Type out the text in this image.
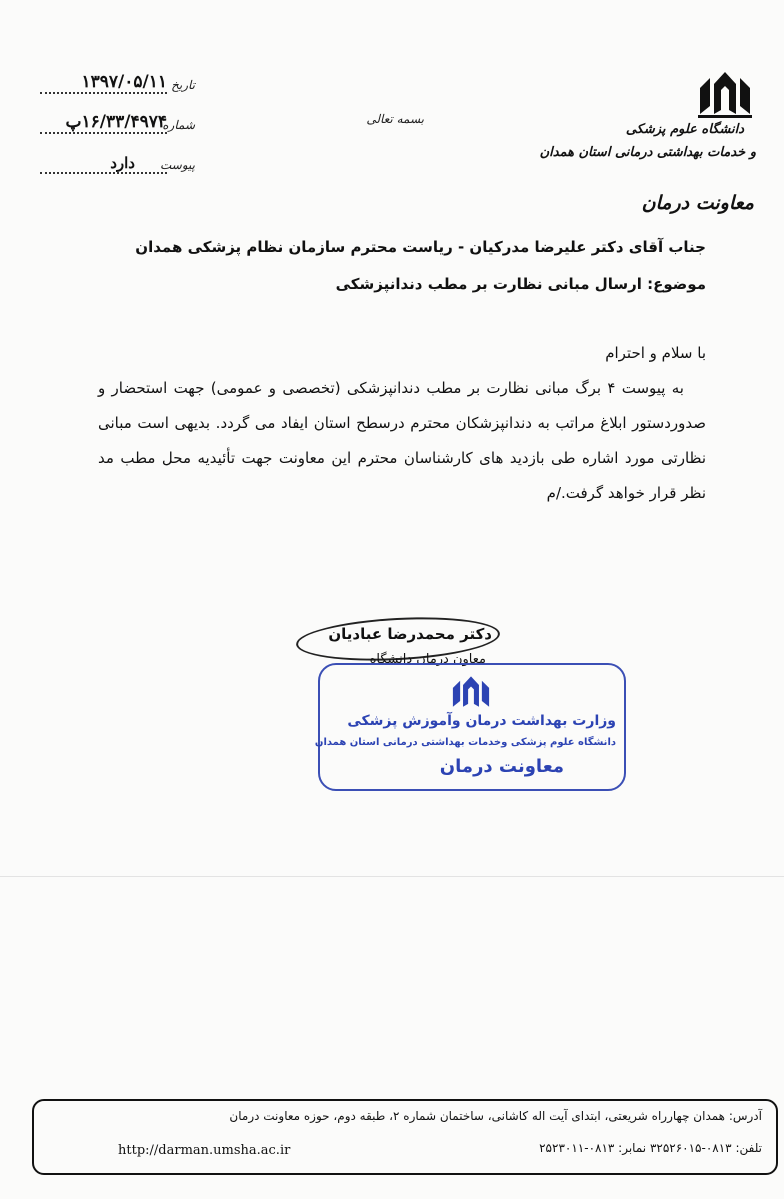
تاریخ
۱۳۹۷/۰۵/۱۱
شماره
۱۶/۳۳/۴۹۷۴پ
پیوست
دارد
بسمه تعالی
دانشگاه علوم پزشکی
و خدمات بهداشتی درمانی استان همدان
معاونت درمان
جناب آقای دکتر علیرضا مدرکیان - ریاست محترم سازمان نظام پزشکی همدان
موضوع: ارسال مبانی نظارت بر مطب دندانپزشکی

با سلام و احترام

به پیوست ۴ برگ مبانی نظارت بر مطب دندانپزشکی (تخصصی و عمومی) جهت استحضار و صدوردستور ابلاغ مراتب به دندانپزشکان محترم درسطح استان ایفاد می گردد. بدیهی است مبانی نظارتی مورد اشاره طی بازدید های کارشناسان محترم این معاونت جهت تأئیدیه محل مطب مد نظر قرار خواهد گرفت./م

دکتر محمدرضا عبادیان
معاون درمان دانشگاه
وزارت بهداشت درمان وآموزش پزشکی
دانشگاه علوم پزشکی وخدمات بهداشتی درمانی استان همدان
معاونت درمان
آدرس: همدان چهارراه شریعتی، ابتدای آیت اله کاشانی، ساختمان شماره ۲، طبقه دوم، حوزه معاونت درمان
تلفن: ۰۸۱۳-۳۲۵۲۶۰۱۵ نمابر: ۰۸۱۳-۲۵۲۳۰۱۱
http://darman.umsha.ac.ir
